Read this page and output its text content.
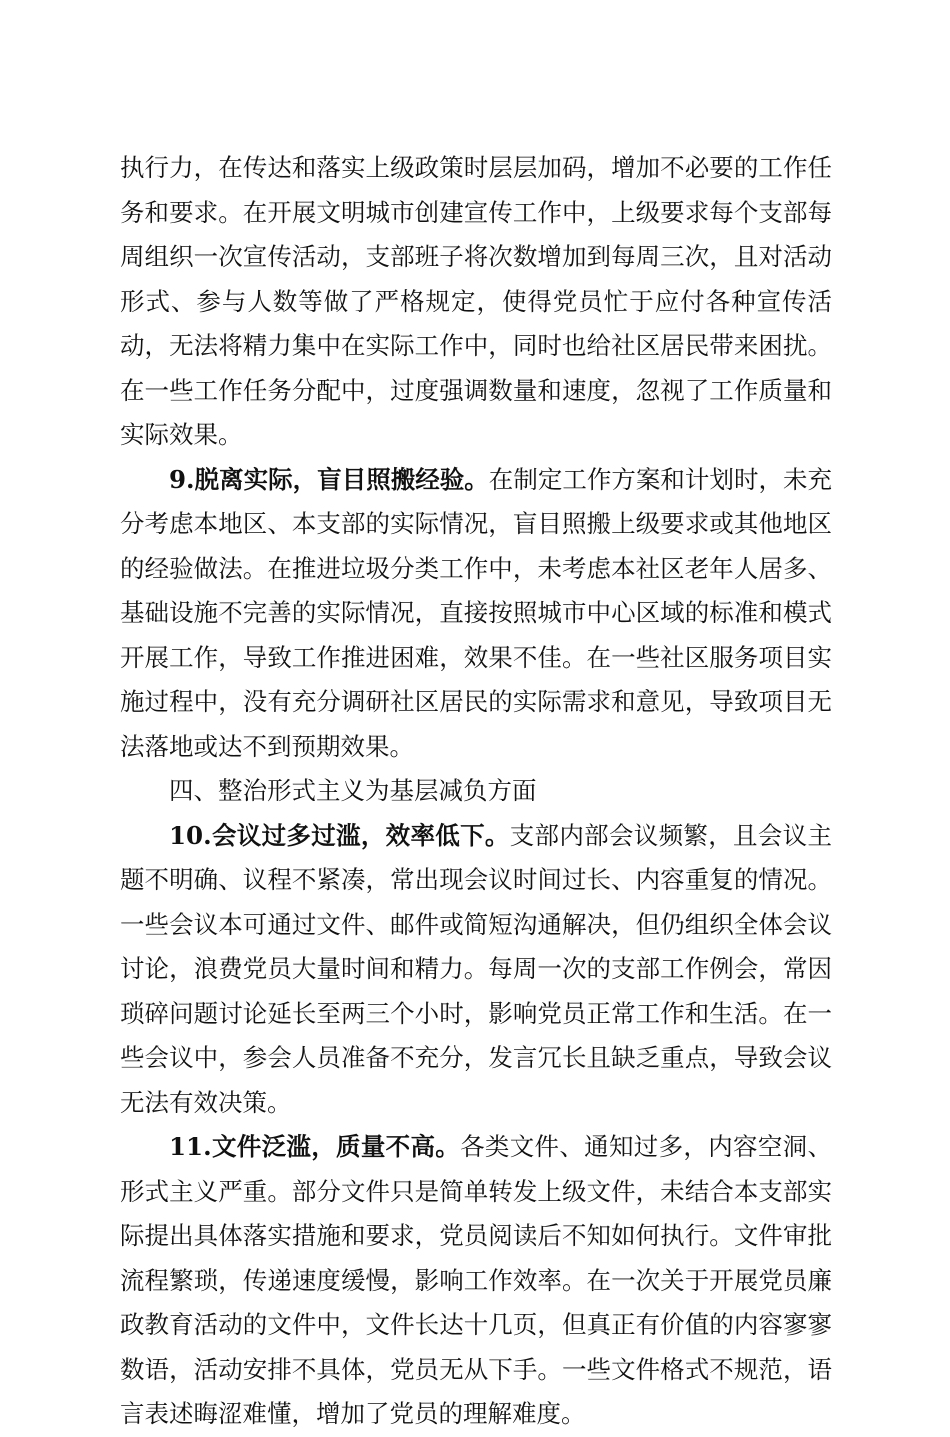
执行力，在传达和落实上级政策时层层加码，增加不必要的工作任务和要求。在开展文明城市创建宣传工作中，上级要求每个支部每周组织一次宣传活动，支部班子将次数增加到每周三次，且对活动形式、参与人数等做了严格规定，使得党员忙于应付各种宣传活动，无法将精力集中在实际工作中，同时也给社区居民带来困扰。在一些工作任务分配中，过度强调数量和速度，忽视了工作质量和实际效果。

9.脱离实际，盲目照搬经验。在制定工作方案和计划时，未充分考虑本地区、本支部的实际情况，盲目照搬上级要求或其他地区的经验做法。在推进垃圾分类工作中，未考虑本社区老年人居多、基础设施不完善的实际情况，直接按照城市中心区域的标准和模式开展工作，导致工作推进困难，效果不佳。在一些社区服务项目实施过程中，没有充分调研社区居民的实际需求和意见，导致项目无法落地或达不到预期效果。

四、整治形式主义为基层减负方面

10.会议过多过滥，效率低下。支部内部会议频繁，且会议主题不明确、议程不紧凑，常出现会议时间过长、内容重复的情况。一些会议本可通过文件、邮件或简短沟通解决，但仍组织全体会议讨论，浪费党员大量时间和精力。每周一次的支部工作例会，常因琐碎问题讨论延长至两三个小时，影响党员正常工作和生活。在一些会议中，参会人员准备不充分，发言冗长且缺乏重点，导致会议无法有效决策。

11.文件泛滥，质量不高。各类文件、通知过多，内容空洞、形式主义严重。部分文件只是简单转发上级文件，未结合本支部实际提出具体落实措施和要求，党员阅读后不知如何执行。文件审批流程繁琐，传递速度缓慢，影响工作效率。在一次关于开展党员廉政教育活动的文件中，文件长达十几页，但真正有价值的内容寥寥数语，活动安排不具体，党员无从下手。一些文件格式不规范，语言表述晦涩难懂，增加了党员的理解难度。
